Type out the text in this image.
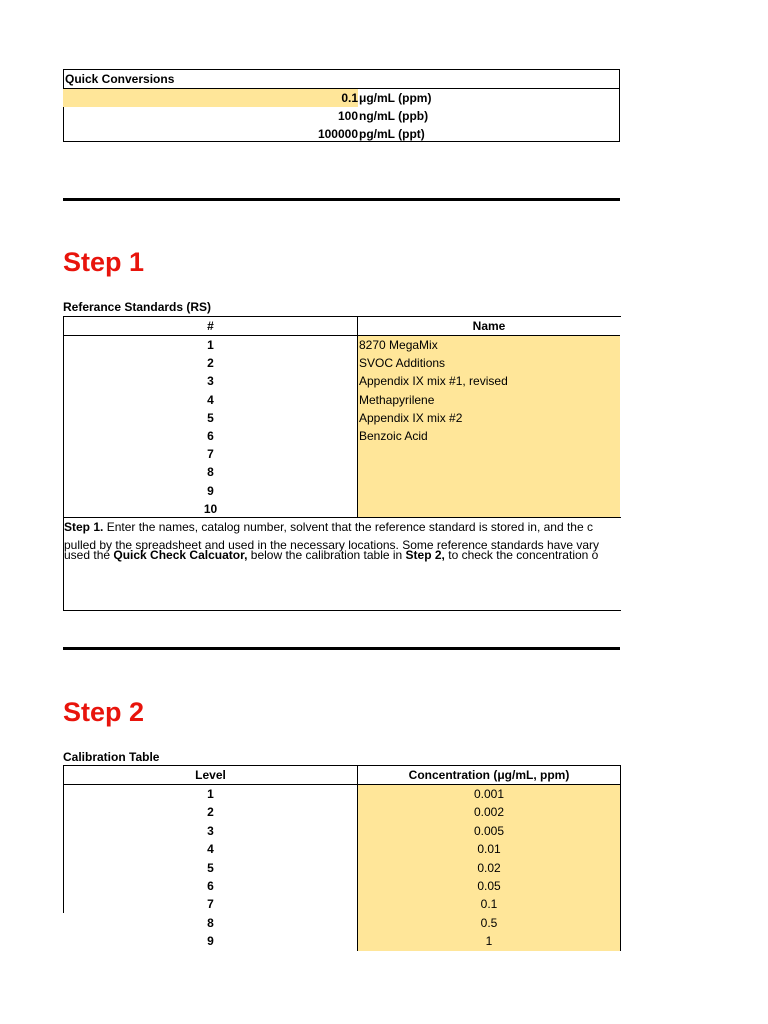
Quick Conversions
0.1 μg/mL (ppm)
100 ng/mL (ppb)
100000 pg/mL (ppt)
Step 1
Referance Standards (RS)
#	Name
1	8270 MegaMix
2	SVOC Additions
3	Appendix IX mix #1, revised
4	Methapyrilene
5	Appendix IX mix #2
6	Benzoic Acid
7
8
9
10
Step 1. Enter the names, catalog number, solvent that the reference standard is stored in, and the c
pulled by the spreadsheet and used in the necessary locations. Some reference standards have vary
used the Quick Check Calcuator, below the calibration table in Step 2, to check the concentration o
Step 2
Calibration Table
Level	Concentration (μg/mL, ppm)
1	0.001
2	0.002
3	0.005
4	0.01
5	0.02
6	0.05
7	0.1
8	0.5
9	1
